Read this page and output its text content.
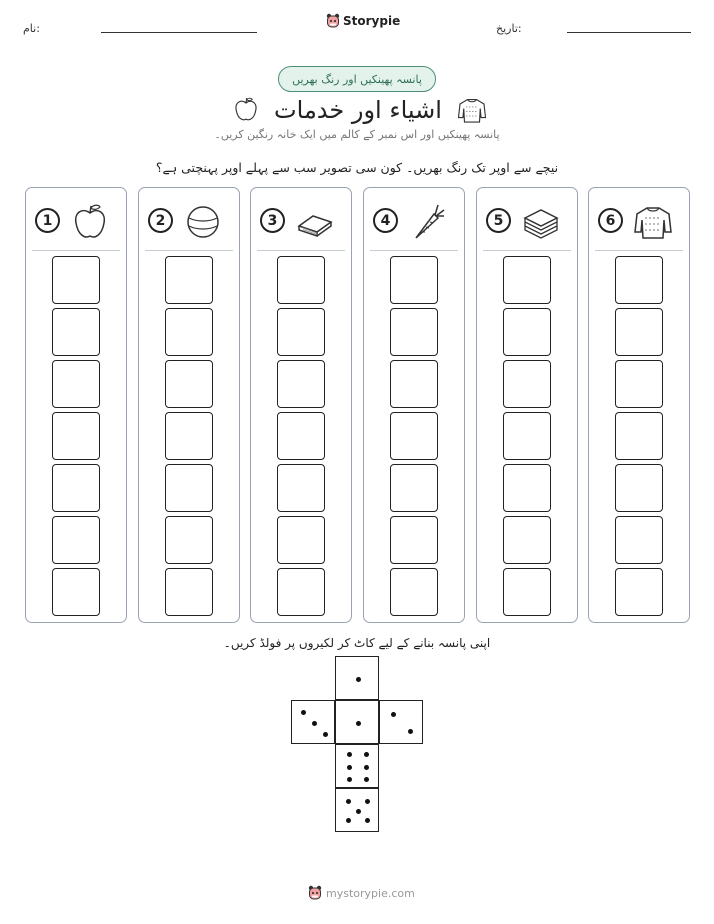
تاریخ:
نام:
Storypie
پانسہ پھینکیں اور رنگ بھریں
اشیاء اور خدمات
پانسہ پھینکیں اور اس نمبر کے کالم میں ایک خانہ رنگین کریں۔
نیچے سے اوپر تک رنگ بھریں۔ کون سی تصویر سب سے پہلے اوپر پہنچتی ہے؟
1	2	3	4	5	6
اپنی پانسہ بنانے کے لیے کاٹ کر لکیروں پر فولڈ کریں۔
mystorypie.com
